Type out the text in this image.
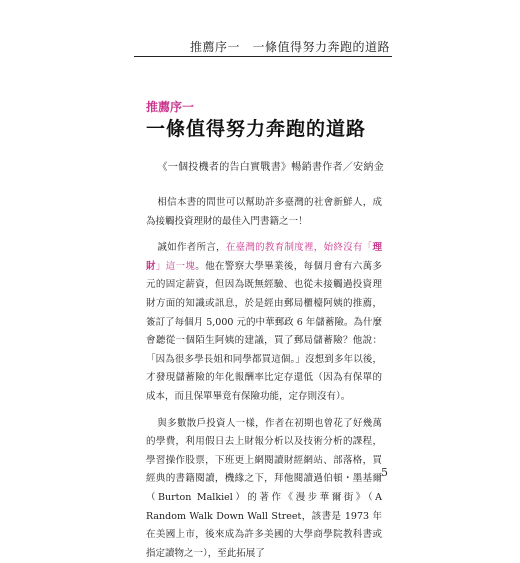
推薦序一　一條值得努力奔跑的道路
推薦序一
一條值得努力奔跑的道路
《一個投機者的告白實戰書》暢銷書作者／安納金

相信本書的問世可以幫助許多臺灣的社會新鮮人，成為接觸投資理財的最佳入門書籍之一！

誠如作者所言，在臺灣的教育制度裡，始終沒有「理財」這一塊。他在警察大學畢業後，每個月會有六萬多元的固定薪資，但因為既無經驗、也從未接觸過投資理財方面的知識或訊息，於是經由郵局櫃檯阿姨的推薦，簽訂了每個月 5,000 元的中華郵政 6 年儲蓄險。為什麼會聽從一個陌生阿姨的建議，買了郵局儲蓄險？他說：「因為很多學長姐和同學都買這個。」沒想到多年以後，才發現儲蓄險的年化報酬率比定存還低（因為有保單的成本，而且保單畢竟有保險功能，定存則沒有）。

與多數散戶投資人一樣，作者在初期也曾花了好幾萬的學費，利用假日去上財報分析以及技術分析的課程，學習操作股票，下班更上網閱讀財經網站、部落格，買經典的書籍閱讀，機緣之下，拜他閱讀過伯頓・墨基爾（Burton Malkiel）的著作《漫步華爾街》（A Random Walk Down Wall Street，該書是 1973 年在美國上市，後來成為許多美國的大學商學院教科書或指定讀物之一），至此拓展了

5
